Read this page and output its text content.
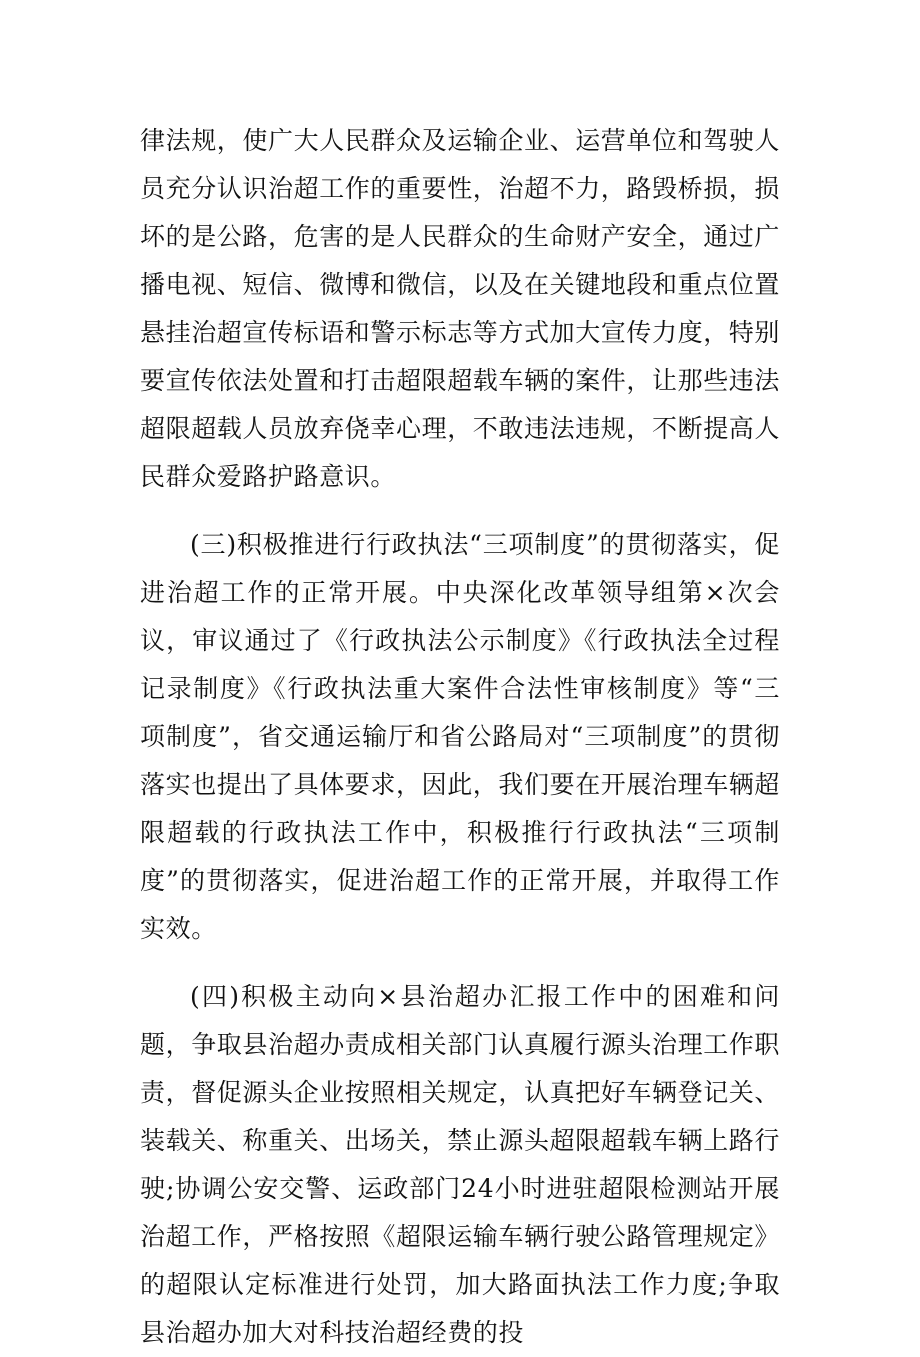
律法规，使广大人民群众及运输企业、运营单位和驾驶人员充分认识治超工作的重要性，治超不力，路毁桥损，损坏的是公路，危害的是人民群众的生命财产安全，通过广播电视、短信、微博和微信，以及在关键地段和重点位置悬挂治超宣传标语和警示标志等方式加大宣传力度，特别要宣传依法处置和打击超限超载车辆的案件，让那些违法超限超载人员放弃侥幸心理，不敢违法违规，不断提高人民群众爱路护路意识。

(三)积极推进行行政执法“三项制度”的贯彻落实，促进治超工作的正常开展。中央深化改革领导组第×次会议，审议通过了《行政执法公示制度》《行政执法全过程记录制度》《行政执法重大案件合法性审核制度》等“三项制度”，省交通运输厅和省公路局对“三项制度”的贯彻落实也提出了具体要求，因此，我们要在开展治理车辆超限超载的行政执法工作中，积极推行行政执法“三项制度”的贯彻落实，促进治超工作的正常开展，并取得工作实效。

(四)积极主动向×县治超办汇报工作中的困难和问题，争取县治超办责成相关部门认真履行源头治理工作职责，督促源头企业按照相关规定，认真把好车辆登记关、装载关、称重关、出场关，禁止源头超限超载车辆上路行驶;协调公安交警、运政部门24小时进驻超限检测站开展治超工作，严格按照《超限运输车辆行驶公路管理规定》的超限认定标准进行处罚，加大路面执法工作力度;争取县治超办加大对科技治超经费的投
